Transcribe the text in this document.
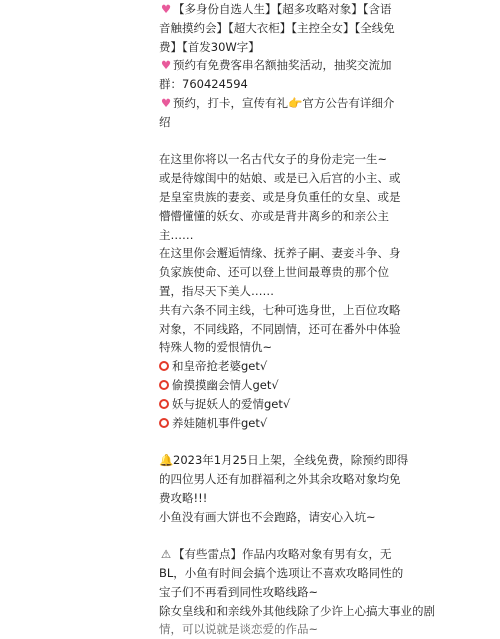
♥ 【多身份自选人生】【超多攻略对象】【含语
音触摸约会】【超大衣柜】【主控全女】【全线免
费】【首发30W字】
♥ 预约有免费客串名额抽奖活动，抽奖交流加
群：760424594
♥ 预约，打卡，宣传有礼👉官方公告有详细介
绍
在这里你将以一名古代女子的身份走完一生~
或是待嫁闺中的姑娘、或是已入后宫的小主、或
是皇室贵族的妻妾、或是身负重任的女皇、或是
懵懵懂懂的妖女、亦或是背井离乡的和亲公主
主……
在这里你会邂逅情缘、抚养子嗣、妻妾斗争、身
负家族使命、还可以登上世间最尊贵的那个位
置，指尽天下美人……
共有六条不同主线，七种可选身世，上百位攻略
对象，不同线路，不同剧情，还可在番外中体验
特殊人物的爱恨情仇~
和皇帝抢老婆get√
偷摸摸幽会情人get√
妖与捉妖人的爱情get√
养娃随机事件get√
🔔2023年1月25日上架，全线免费，除预约即得
的四位男人还有加群福利之外其余攻略对象均免
费攻略!!!
小鱼没有画大饼也不会跑路，请安心入坑~
⚠ 【有些雷点】作品内攻略对象有男有女，无
BL，小鱼有时间会搞个选项让不喜欢攻略同性的
宝子们不再看到同性攻略线路~
除女皇线和和亲线外其他线除了少许上心搞大事业的剧
情，可以说就是谈恋爱的作品~
